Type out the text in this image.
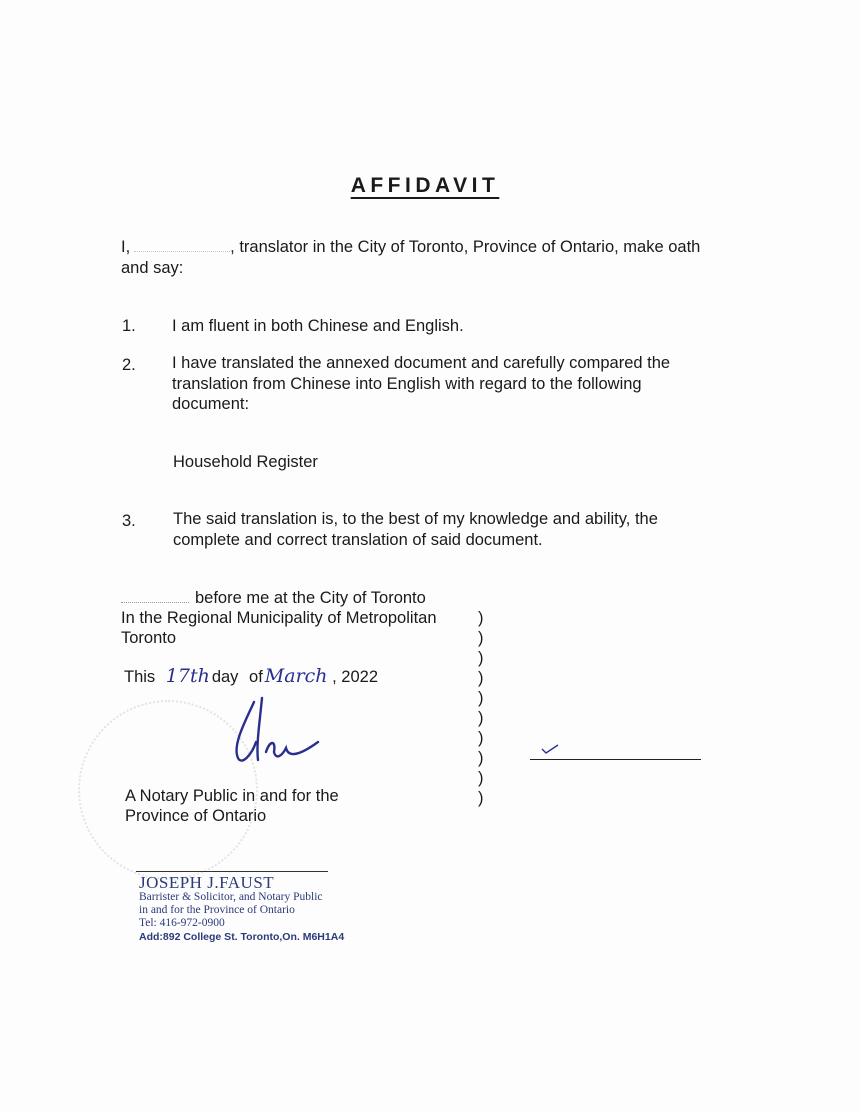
AFFIDAVIT
I,	, translator in the City of Toronto, Province of Ontario, make oath
and say:
1.	I am fluent in both Chinese and English.
2.	I have translated the annexed document and carefully compared the
translation from Chinese into English with regard to the following
document:
Household Register
3.	The said translation is, to the best of my knowledge and ability, the
complete and correct translation of said document.
before me at the City of Toronto
In the Regional Municipality of Metropolitan
Toronto
This 17th day of March , 2022
A Notary Public in and for the
Province of Ontario
)
)
)
)
)
)
)
)
)
)
JOSEPH J.FAUST
Barrister & Solicitor, and Notary Public
in and for the Province of Ontario
Tel: 416-972-0900
Add:892 College St. Toronto,On. M6H1A4
